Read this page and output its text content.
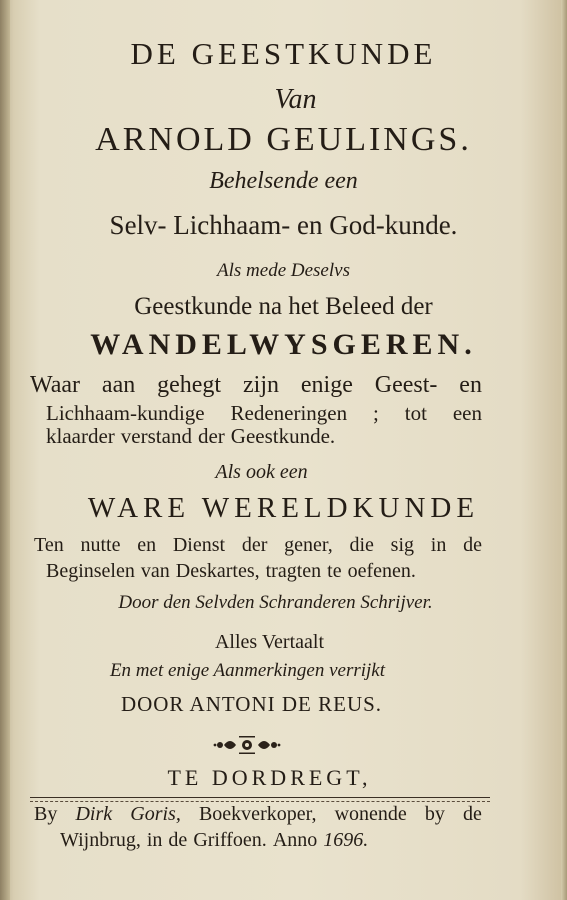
DE GEESTKUNDE
Van
ARNOLD GEULINGS.
Behelsende een
Selv- Lichhaam- en God-kunde.
Als mede Deselvs
Geestkunde na het Beleed der
WANDELWYSGEREN.
Waar aan gehegt zijn enige Geest- en
Lichhaam-kundige Redeneringen ; tot een
klaarder verstand der Geestkunde.
Als ook een
WARE WERELDKUNDE
Ten nutte en Dienst der gener, die sig in de
Beginselen van Deskartes, tragten te oefenen.
Door den Selvden Schranderen Schrijver.
Alles Vertaalt
En met enige Aanmerkingen verrijkt
DOOR ANTONI DE REUS.
TE DORDREGT,
By Dirk Goris, Boekverkoper, wonende by de
Wijnbrug, in de Griffoen. Anno 1696.
